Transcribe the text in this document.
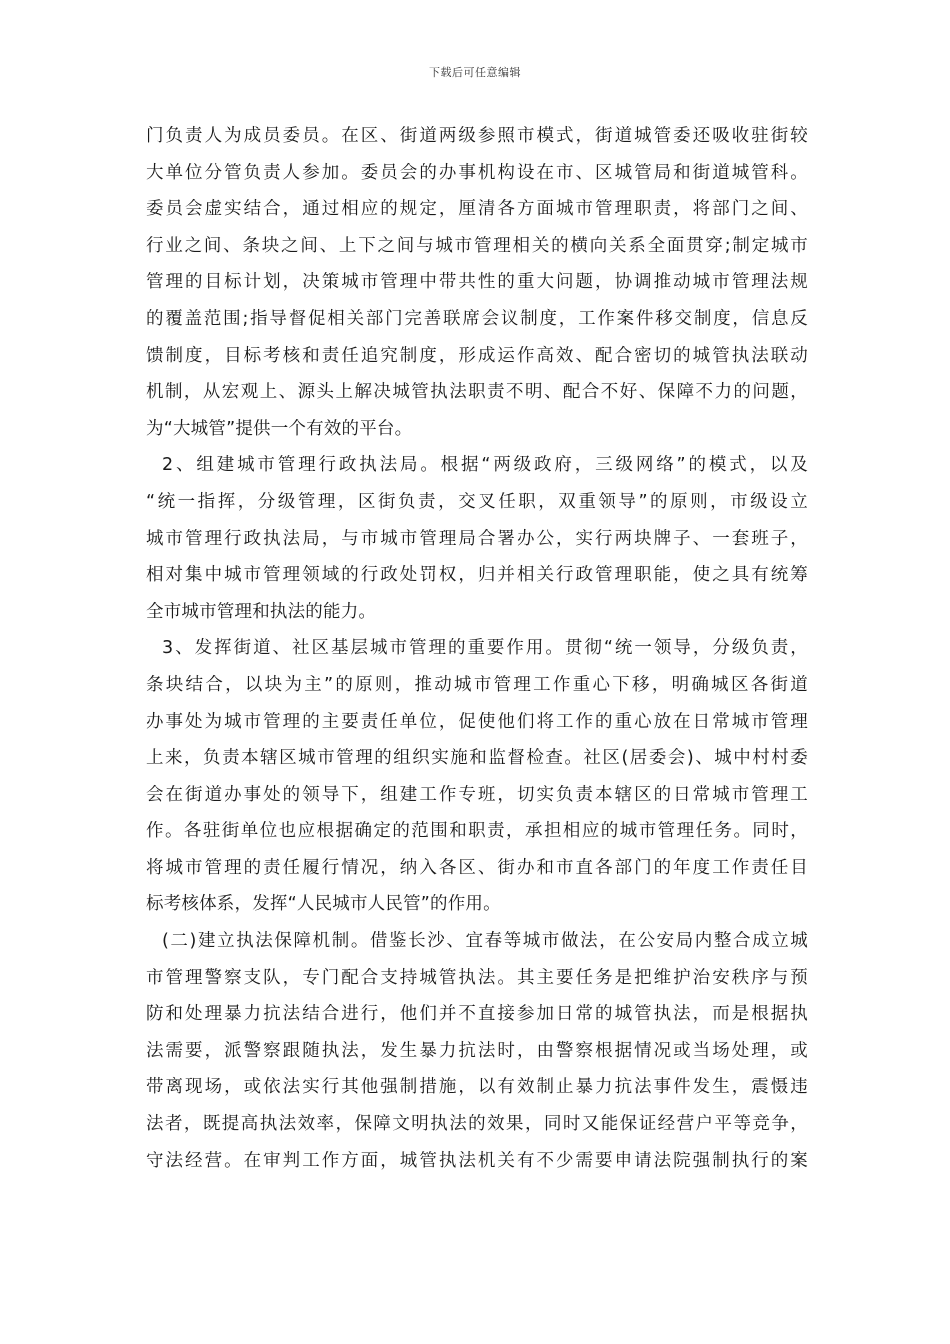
下载后可任意编辑
门负责人为成员委员。在区、街道两级参照市模式，街道城管委还吸收驻街较
大单位分管负责人参加。委员会的办事机构设在市、区城管局和街道城管科。
委员会虚实结合，通过相应的规定，厘清各方面城市管理职责，将部门之间、
行业之间、条块之间、上下之间与城市管理相关的横向关系全面贯穿;制定城市
管理的目标计划，决策城市管理中带共性的重大问题，协调推动城市管理法规
的覆盖范围;指导督促相关部门完善联席会议制度，工作案件移交制度，信息反
馈制度，目标考核和责任追究制度，形成运作高效、配合密切的城管执法联动
机制，从宏观上、源头上解决城管执法职责不明、配合不好、保障不力的问题，
为“大城管”提供一个有效的平台。
2、组建城市管理行政执法局。根据“两级政府，三级网络”的模式，以及
“统一指挥，分级管理，区街负责，交叉任职，双重领导”的原则，市级设立
城市管理行政执法局，与市城市管理局合署办公，实行两块牌子、一套班子，
相对集中城市管理领域的行政处罚权，归并相关行政管理职能，使之具有统筹
全市城市管理和执法的能力。
3、发挥街道、社区基层城市管理的重要作用。贯彻“统一领导，分级负责，
条块结合，以块为主”的原则，推动城市管理工作重心下移，明确城区各街道
办事处为城市管理的主要责任单位，促使他们将工作的重心放在日常城市管理
上来，负责本辖区城市管理的组织实施和监督检查。社区(居委会)、城中村村委
会在街道办事处的领导下，组建工作专班，切实负责本辖区的日常城市管理工
作。各驻街单位也应根据确定的范围和职责，承担相应的城市管理任务。同时，
将城市管理的责任履行情况，纳入各区、街办和市直各部门的年度工作责任目
标考核体系，发挥“人民城市人民管”的作用。
(二)建立执法保障机制。借鉴长沙、宜春等城市做法，在公安局内整合成立城
市管理警察支队，专门配合支持城管执法。其主要任务是把维护治安秩序与预
防和处理暴力抗法结合进行，他们并不直接参加日常的城管执法，而是根据执
法需要，派警察跟随执法，发生暴力抗法时，由警察根据情况或当场处理，或
带离现场，或依法实行其他强制措施，以有效制止暴力抗法事件发生，震慑违
法者，既提高执法效率，保障文明执法的效果，同时又能保证经营户平等竞争，
守法经营。在审判工作方面，城管执法机关有不少需要申请法院强制执行的案
